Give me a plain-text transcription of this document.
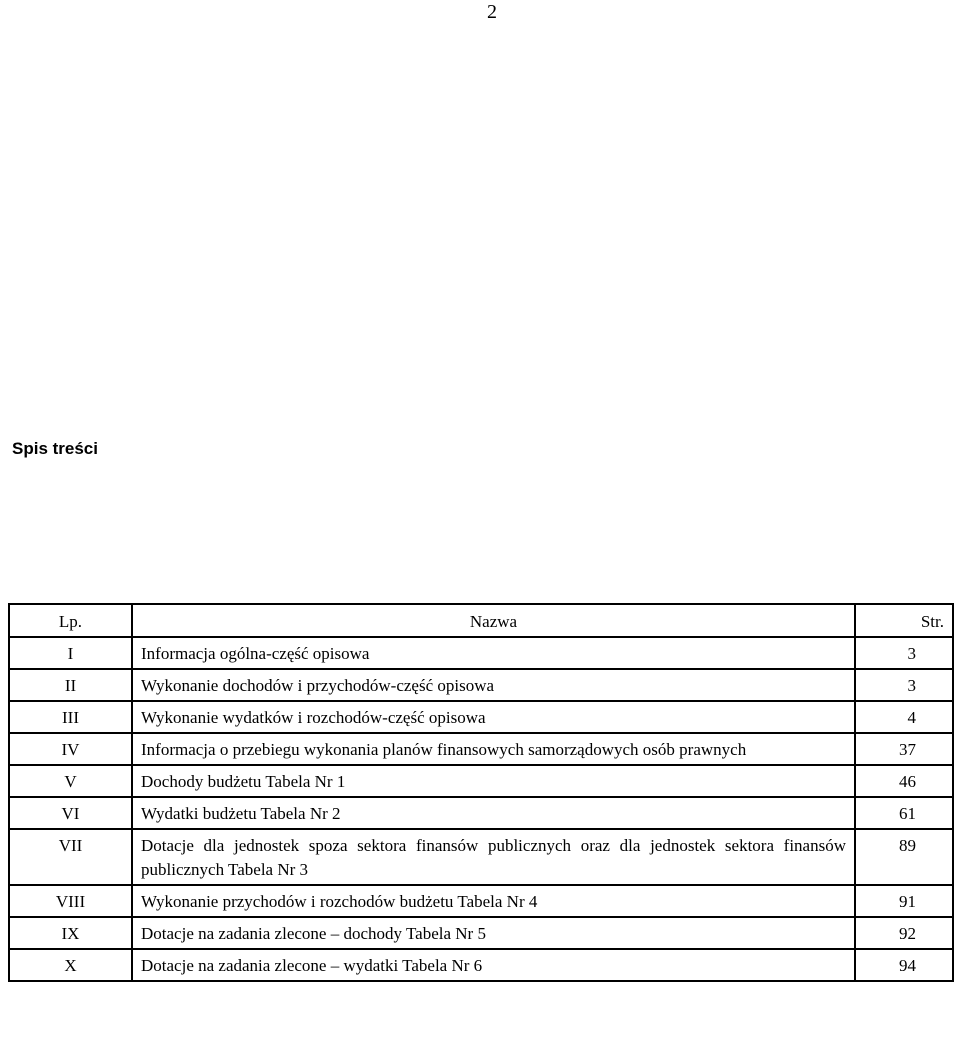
2
Spis treści
Lp.	Nazwa	Str.
I	Informacja ogólna-część opisowa	3
II	Wykonanie dochodów i przychodów-część opisowa	3
III	Wykonanie wydatków i rozchodów-część opisowa	4
IV	Informacja o przebiegu wykonania planów finansowych samorządowych osób prawnych	37
V	Dochody budżetu Tabela Nr 1	46
VI	Wydatki budżetu Tabela Nr 2	61
VII	Dotacje dla jednostek spoza sektora finansów publicznych oraz dla jednostek sektora finansów publicznych Tabela Nr 3	89
VIII	Wykonanie przychodów i rozchodów budżetu Tabela Nr 4	91
IX	Dotacje na zadania zlecone – dochody Tabela Nr 5	92
X	Dotacje na zadania zlecone – wydatki Tabela Nr 6	94
